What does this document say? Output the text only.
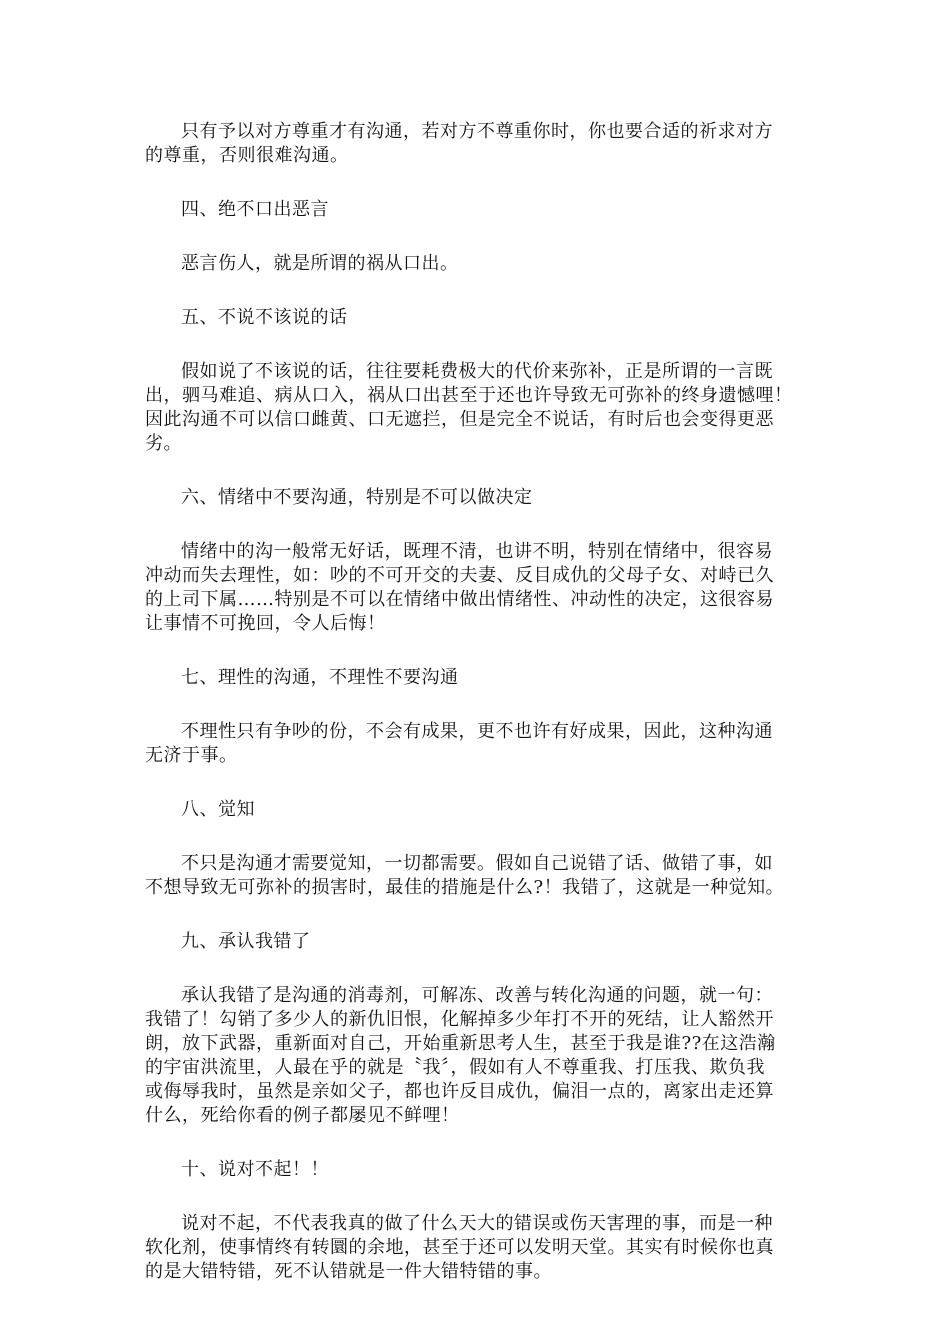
只有予以对方尊重才有沟通，若对方不尊重你时，你也要合适的祈求对方
的尊重，否则很难沟通。

四、绝不口出恶言

恶言伤人，就是所谓的祸从口出。

五、不说不该说的话

假如说了不该说的话，往往要耗费极大的代价来弥补，正是所谓的一言既
出，驷马难追、病从口入，祸从口出甚至于还也许导致无可弥补的终身遗憾哩！
因此沟通不可以信口雌黄、口无遮拦，但是完全不说话，有时后也会变得更恶
劣。

六、情绪中不要沟通，特别是不可以做决定

情绪中的沟一般常无好话，既理不清，也讲不明，特别在情绪中，很容易
冲动而失去理性，如：吵的不可开交的夫妻、反目成仇的父母子女、对峙已久
的上司下属……特别是不可以在情绪中做出情绪性、冲动性的决定，这很容易
让事情不可挽回，令人后悔！

七、理性的沟通，不理性不要沟通

不理性只有争吵的份，不会有成果，更不也许有好成果，因此，这种沟通
无济于事。

八、觉知

不只是沟通才需要觉知，一切都需要。假如自己说错了话、做错了事，如
不想导致无可弥补的损害时，最佳的措施是什么?！我错了，这就是一种觉知。

九、承认我错了

承认我错了是沟通的消毒剂，可解冻、改善与转化沟通的问题，就一句：
我错了！勾销了多少人的新仇旧恨，化解掉多少年打不开的死结，让人豁然开
朗，放下武器，重新面对自己，开始重新思考人生，甚至于我是谁??在这浩瀚
的宇宙洪流里，人最在乎的就是〝我〞，假如有人不尊重我、打压我、欺负我
或侮辱我时，虽然是亲如父子，都也许反目成仇，偏泪一点的，离家出走还算
什么，死给你看的例子都屡见不鲜哩！

十、说对不起！！

说对不起，不代表我真的做了什么天大的错误或伤天害理的事，而是一种
软化剂，使事情终有转圜的余地，甚至于还可以发明天堂。其实有时候你也真
的是大错特错，死不认错就是一件大错特错的事。
